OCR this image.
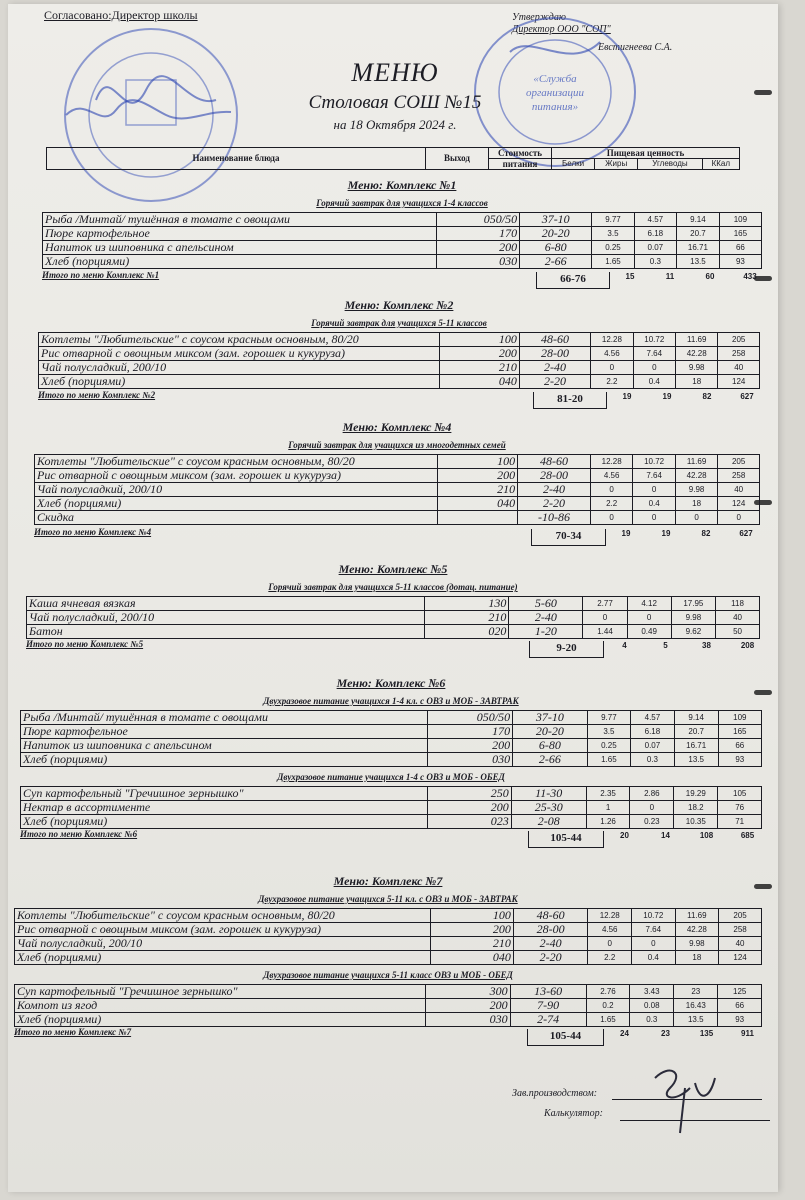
Согласовано:Директор школы	Утверждаю
Директор ООО "СОП"
Евстигнеева С.А.
«Служба
организации
питания»
МЕНЮ
Столовая СОШ №15
на 18 Октября 2024 г.
Наименование блюда	Выход	Стоимость	Пищевая ценность			
		питания	Белки	Жиры	Углеводы	ККал
Меню: Комплекс №1
Горячий завтрак для учащихся 1-4 классов
Рыба /Минтай/ тушённая в томате с овощами	050/50	37-10	9.77	4.57	9.14	109
Пюре картофельное	170	20-20	3.5	6.18	20.7	165
Напиток из шиповника с апельсином	200	6-80	0.25	0.07	16.71	66
Хлеб (порциями)	030	2-66	1.65	0.3	13.5	93
Итого по меню Комплекс №1	66-76	15	11	60	433
Меню: Комплекс №2
Горячий завтрак для учащихся 5-11 классов
Котлеты "Любительские" с соусом красным основным, 80/20	100	48-60	12.28	10.72	11.69	205
Рис отварной с овощным миксом (зам. горошек и кукуруза)	200	28-00	4.56	7.64	42.28	258
Чай полусладкий, 200/10	210	2-40	0	0	9.98	40
Хлеб (порциями)	040	2-20	2.2	0.4	18	124
Итого по меню Комплекс №2	81-20	19	19	82	627
Меню: Комплекс №4
Горячий завтрак для учащихся из многодетных семей
Котлеты "Любительские" с соусом красным основным, 80/20	100	48-60	12.28	10.72	11.69	205
Рис отварной с овощным миксом (зам. горошек и кукуруза)	200	28-00	4.56	7.64	42.28	258
Чай полусладкий, 200/10	210	2-40	0	0	9.98	40
Хлеб (порциями)	040	2-20	2.2	0.4	18	124
Скидка		-10-86	0	0	0	0
Итого по меню Комплекс №4	70-34	19	19	82	627
Меню: Комплекс №5
Горячий завтрак для учащихся 5-11 классов (дотац. питание)
Каша ячневая вязкая	130	5-60	2.77	4.12	17.95	118
Чай полусладкий, 200/10	210	2-40	0	0	9.98	40
Батон	020	1-20	1.44	0.49	9.62	50
Итого по меню Комплекс №5	9-20	4	5	38	208
Меню: Комплекс №6
Двухразовое питание учащихся 1-4 кл. с ОВЗ и МОБ - ЗАВТРАК
Рыба /Минтай/ тушённая в томате с овощами	050/50	37-10	9.77	4.57	9.14	109
Пюре картофельное	170	20-20	3.5	6.18	20.7	165
Напиток из шиповника с апельсином	200	6-80	0.25	0.07	16.71	66
Хлеб (порциями)	030	2-66	1.65	0.3	13.5	93
Двухразовое питание учащихся 1-4 с ОВЗ и МОБ - ОБЕД
Суп картофельный "Гречишное зернышко"	250	11-30	2.35	2.86	19.29	105
Нектар в ассортименте	200	25-30	1	0	18.2	76
Хлеб (порциями)	023	2-08	1.26	0.23	10.35	71
Итого по меню Комплекс №6	105-44	20	14	108	685
Меню: Комплекс №7
Двухразовое питание учащихся 5-11 кл. с ОВЗ и МОБ - ЗАВТРАК
Котлеты "Любительские" с соусом красным основным, 80/20	100	48-60	12.28	10.72	11.69	205
Рис отварной с овощным миксом (зам. горошек и кукуруза)	200	28-00	4.56	7.64	42.28	258
Чай полусладкий, 200/10	210	2-40	0	0	9.98	40
Хлеб (порциями)	040	2-20	2.2	0.4	18	124
Двухразовое питание учащихся 5-11 класс ОВЗ и МОБ - ОБЕД
Суп картофельный "Гречишное зернышко"	300	13-60	2.76	3.43	23	125
Компот из ягод	200	7-90	0.2	0.08	16.43	66
Хлеб (порциями)	030	2-74	1.65	0.3	13.5	93
Итого по меню Комплекс №7	105-44	24	23	135	911
Зав.производством:
Калькулятор:
